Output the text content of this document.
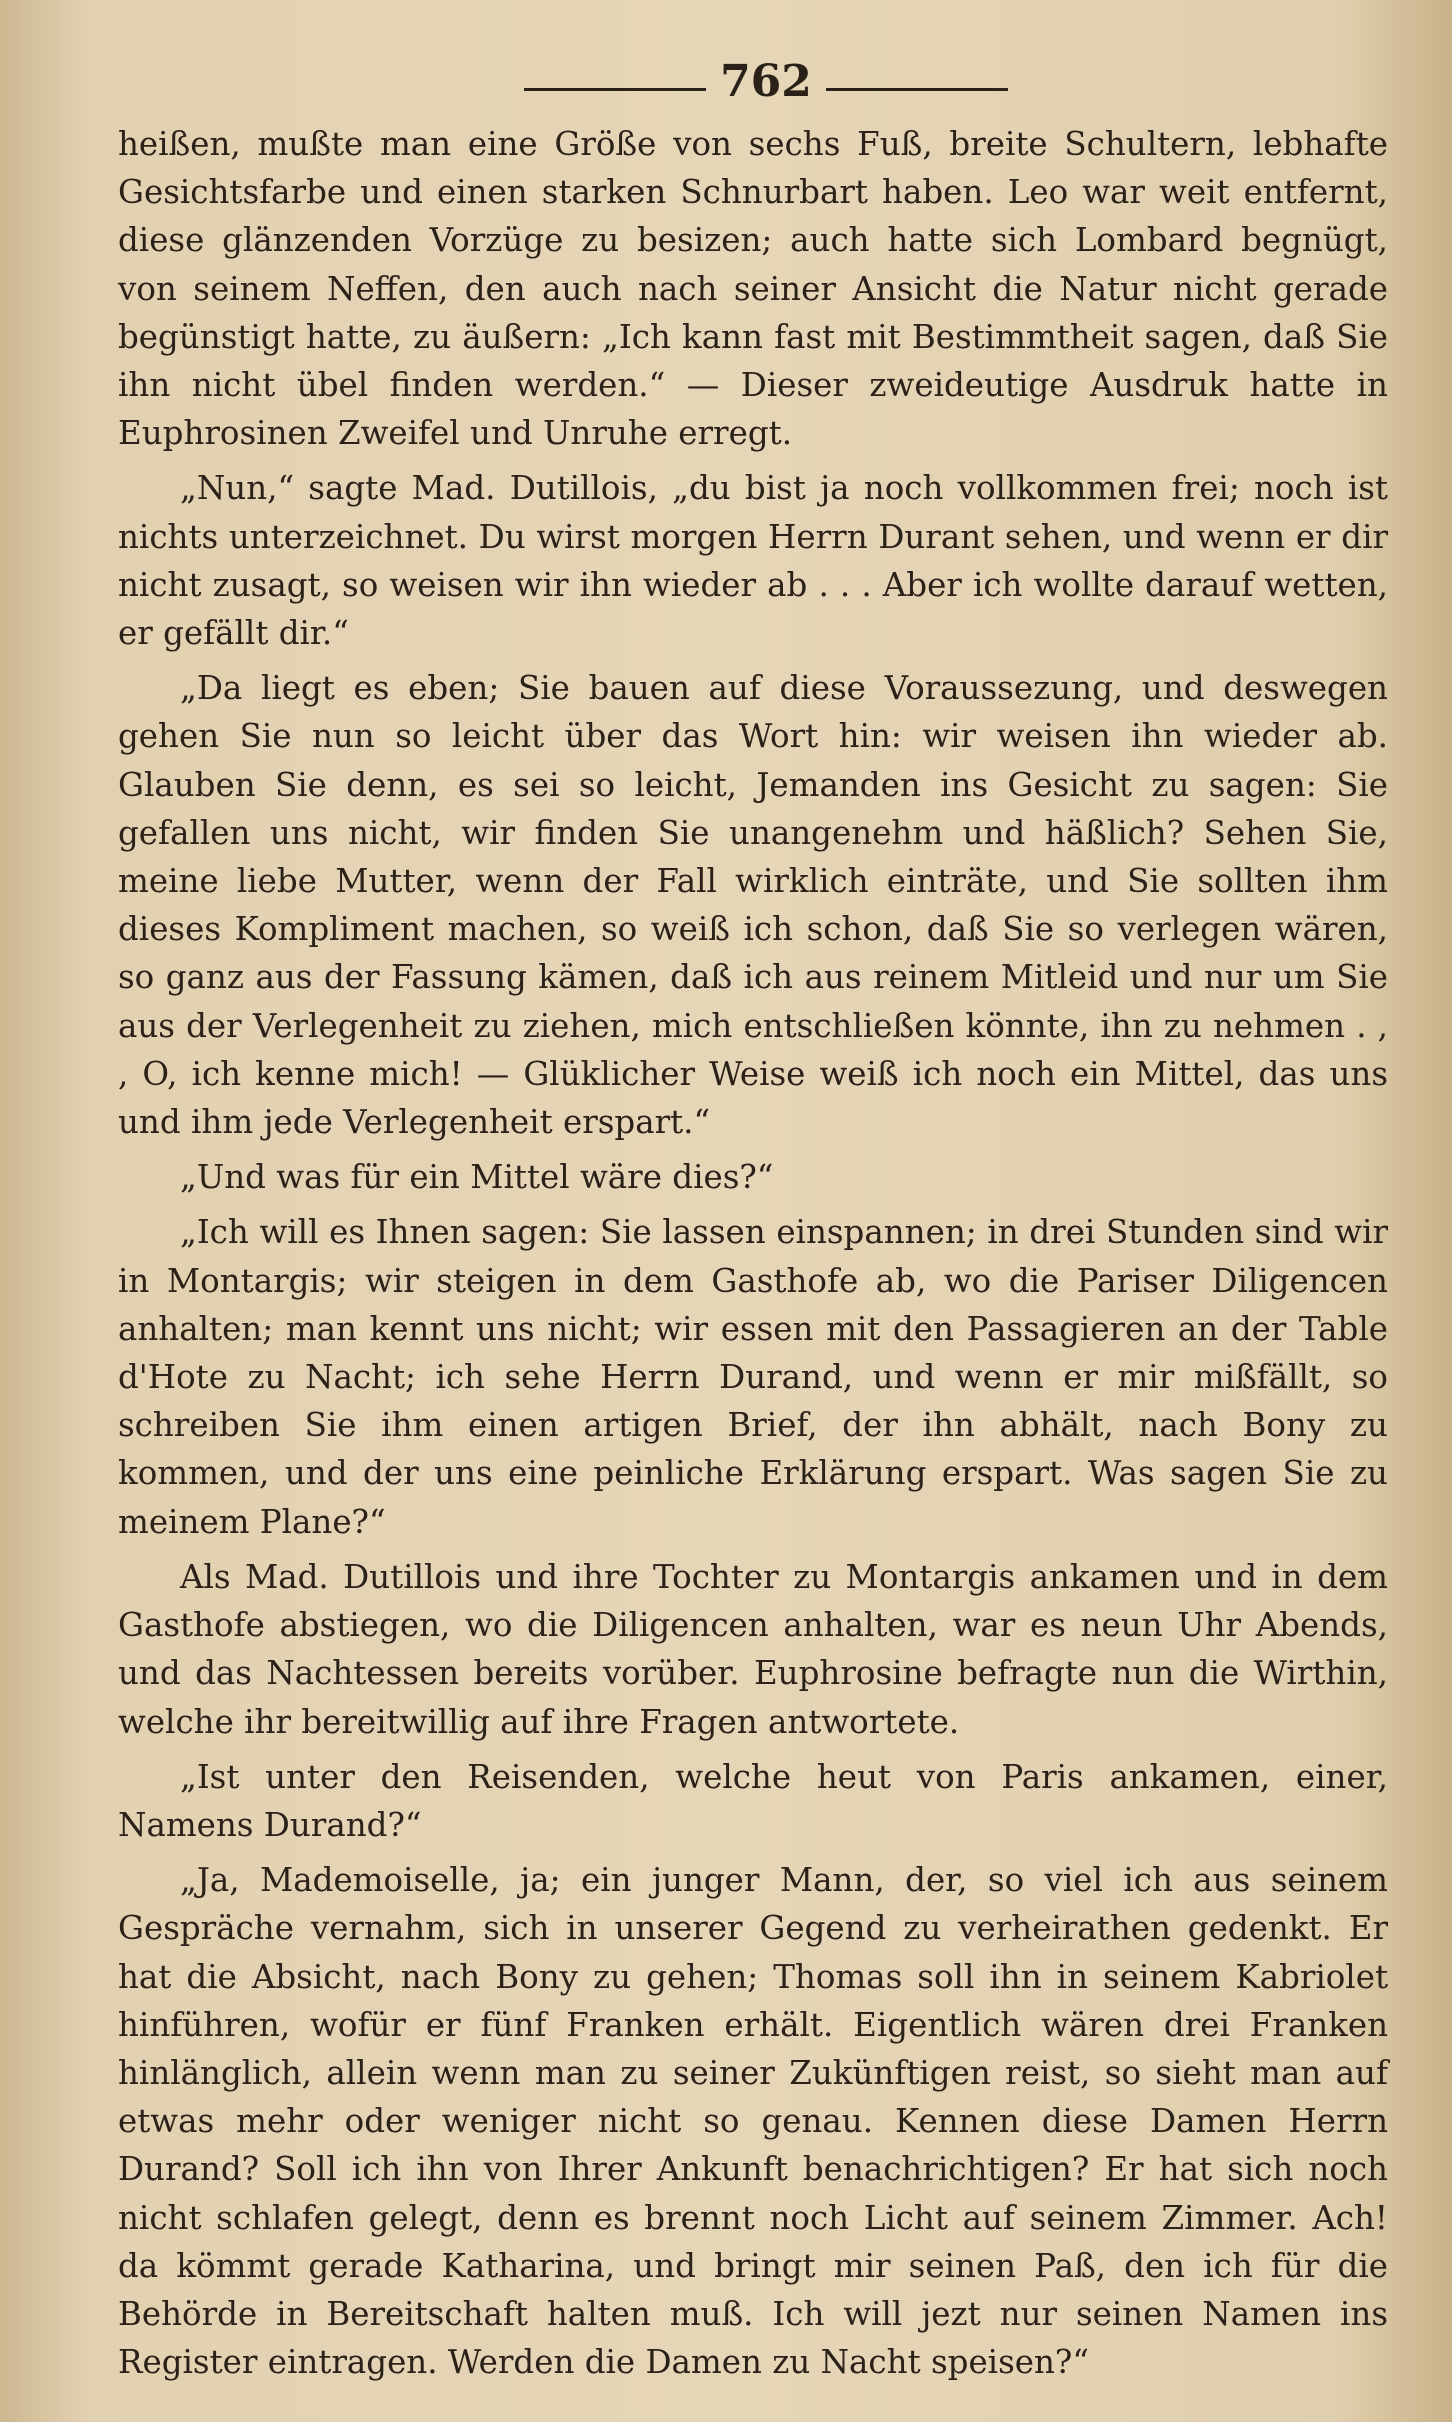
762

heißen, mußte man eine Größe von sechs Fuß, breite Schultern, lebhafte Gesichtsfarbe und einen starken Schnurbart haben. Leo war weit entfernt, diese glänzenden Vorzüge zu besizen; auch hatte sich Lombard begnügt, von seinem Neffen, den auch nach seiner Ansicht die Natur nicht gerade begünstigt hatte, zu äußern: „Ich kann fast mit Bestimmtheit sagen, daß Sie ihn nicht übel finden werden.“ — Dieser zweideutige Ausdruk hatte in Euphrosinen Zweifel und Unruhe erregt.

„Nun,“ sagte Mad. Dutillois, „du bist ja noch vollkommen frei; noch ist nichts unterzeichnet. Du wirst morgen Herrn Durant sehen, und wenn er dir nicht zusagt, so weisen wir ihn wieder ab . . . Aber ich wollte darauf wetten, er gefällt dir.“

„Da liegt es eben; Sie bauen auf diese Voraussezung, und deswegen gehen Sie nun so leicht über das Wort hin: wir weisen ihn wieder ab. Glauben Sie denn, es sei so leicht, Jemanden ins Gesicht zu sagen: Sie gefallen uns nicht, wir finden Sie unangenehm und häßlich? Sehen Sie, meine liebe Mutter, wenn der Fall wirklich einträte, und Sie sollten ihm dieses Kompliment machen, so weiß ich schon, daß Sie so verlegen wären, so ganz aus der Fassung kämen, daß ich aus reinem Mitleid und nur um Sie aus der Verlegenheit zu ziehen, mich entschließen könnte, ihn zu nehmen . , , O, ich kenne mich! — Glüklicher Weise weiß ich noch ein Mittel, das uns und ihm jede Verlegenheit erspart.“

„Und was für ein Mittel wäre dies?“

„Ich will es Ihnen sagen: Sie lassen einspannen; in drei Stunden sind wir in Montargis; wir steigen in dem Gasthofe ab, wo die Pariser Diligencen anhalten; man kennt uns nicht; wir essen mit den Passagieren an der Table d'Hote zu Nacht; ich sehe Herrn Durand, und wenn er mir mißfällt, so schreiben Sie ihm einen artigen Brief, der ihn abhält, nach Bony zu kommen, und der uns eine peinliche Erklärung erspart. Was sagen Sie zu meinem Plane?“

Als Mad. Dutillois und ihre Tochter zu Montargis ankamen und in dem Gasthofe abstiegen, wo die Diligencen anhalten, war es neun Uhr Abends, und das Nachtessen bereits vorüber. Euphrosine befragte nun die Wirthin, welche ihr bereitwillig auf ihre Fragen antwortete.

„Ist unter den Reisenden, welche heut von Paris ankamen, einer, Namens Durand?“

„Ja, Mademoiselle, ja; ein junger Mann, der, so viel ich aus seinem Gespräche vernahm, sich in unserer Gegend zu verheirathen gedenkt. Er hat die Absicht, nach Bony zu gehen; Thomas soll ihn in seinem Kabriolet hinführen, wofür er fünf Franken erhält. Eigentlich wären drei Franken hinlänglich, allein wenn man zu seiner Zukünftigen reist, so sieht man auf etwas mehr oder weniger nicht so genau. Kennen diese Damen Herrn Durand? Soll ich ihn von Ihrer Ankunft benachrichtigen? Er hat sich noch nicht schlafen gelegt, denn es brennt noch Licht auf seinem Zimmer. Ach! da kömmt gerade Katharina, und bringt mir seinen Paß, den ich für die Behörde in Bereitschaft halten muß. Ich will jezt nur seinen Namen ins Register eintragen. Werden die Damen zu Nacht speisen?“
